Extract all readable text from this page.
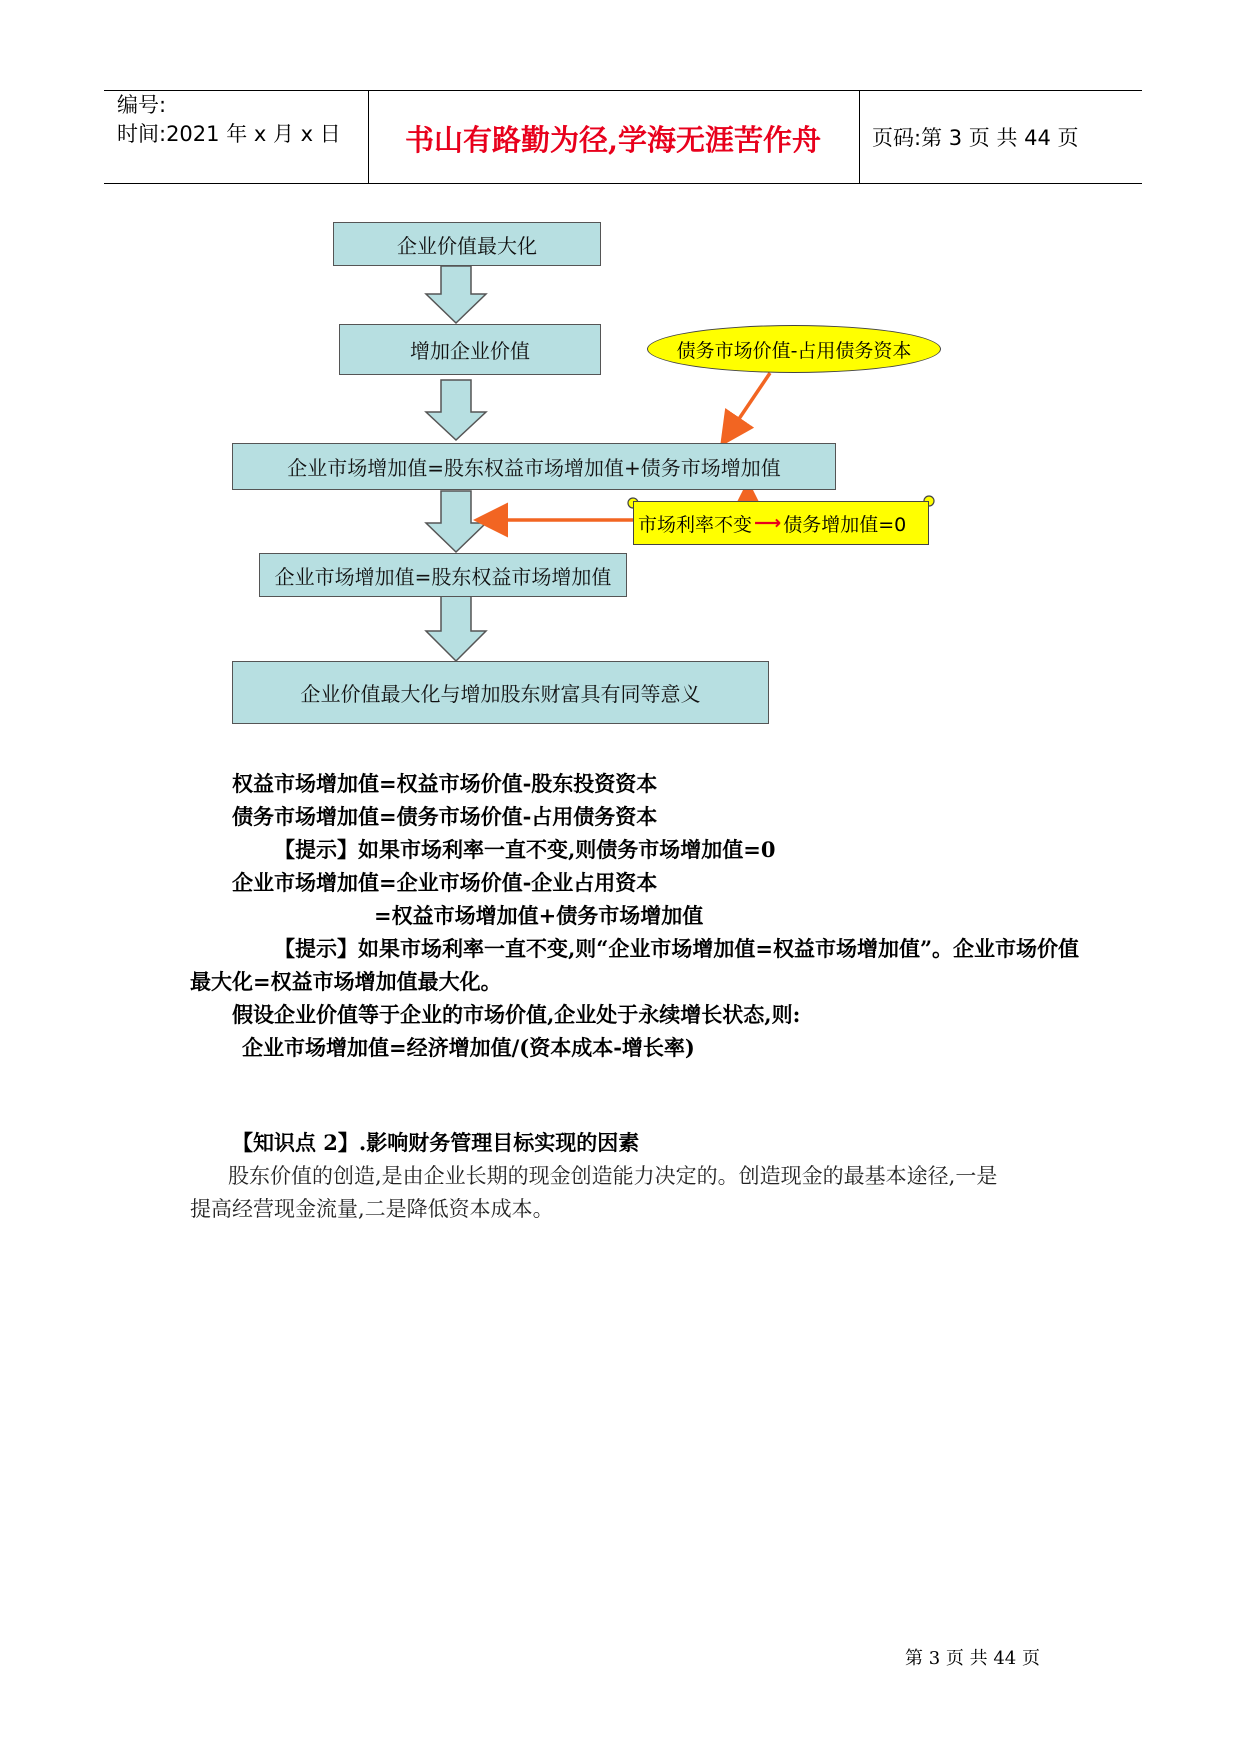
编号:
时间:2021 年 x 月 x 日	书山有路勤为径,学海无涯苦作舟	页码:第 3 页 共 44 页
企业价值最大化
增加企业价值	债务市场价值-占用债务资本
企业市场增加值=股东权益市场增加值+债务市场增加值
市场利率不变 ⟶ 债务增加值=0
企业市场增加值=股东权益市场增加值
企业价值最大化与增加股东财富具有同等意义
权益市场增加值=权益市场价值-股东投资资本
债务市场增加值=债务市场价值-占用债务资本
【提示】如果市场利率一直不变,则债务市场增加值=0
企业市场增加值=企业市场价值-企业占用资本
=权益市场增加值+债务市场增加值
【提示】如果市场利率一直不变,则“企业市场增加值=权益市场增加值”。企业市场价值
最大化=权益市场增加值最大化。
假设企业价值等于企业的市场价值,企业处于永续增长状态,则:
企业市场增加值=经济增加值/(资本成本-增长率)
【知识点 2】.影响财务管理目标实现的因素
股东价值的创造,是由企业长期的现金创造能力决定的。创造现金的最基本途径,一是
提高经营现金流量,二是降低资本成本。
第 3 页 共 44 页
